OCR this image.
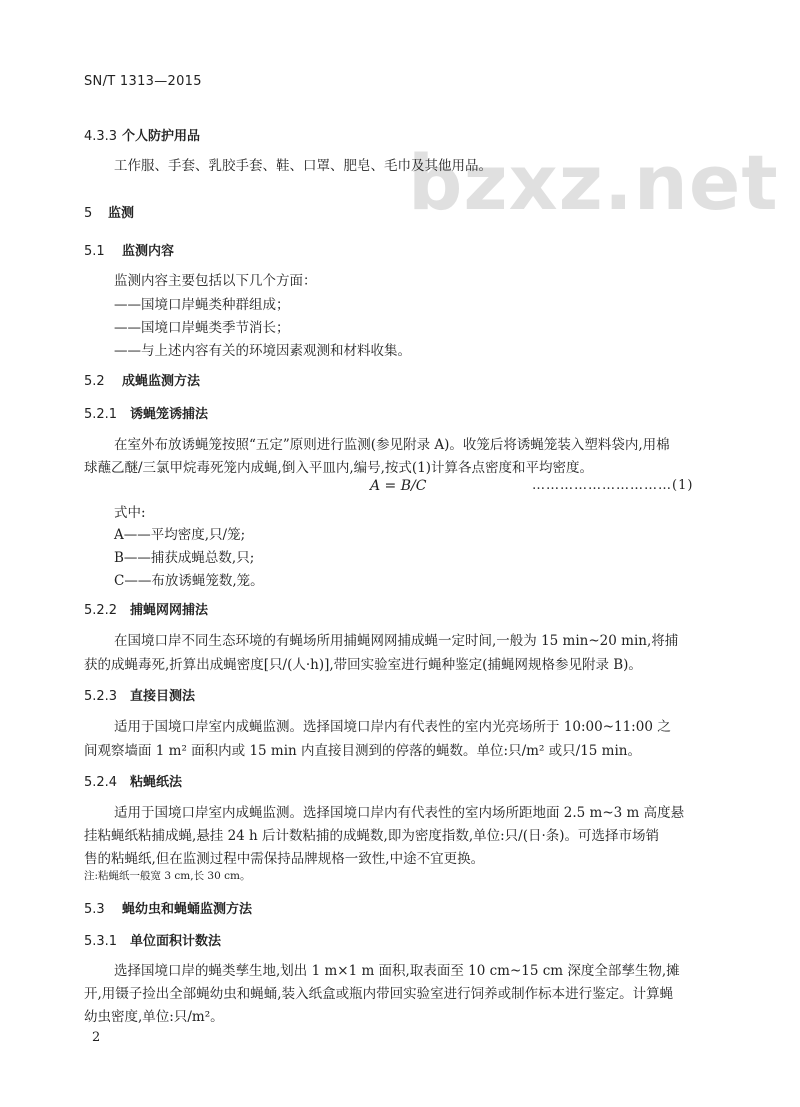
SN/T 1313—2015
bzxz.net
4.3.3 个人防护用品
工作服、手套、乳胶手套、鞋、口罩、肥皂、毛巾及其他用品。
5 监测
5.1 监测内容
监测内容主要包括以下几个方面：
——国境口岸蝇类种群组成；
——国境口岸蝇类季节消长；
——与上述内容有关的环境因素观测和材料收集。
5.2 成蝇监测方法
5.2.1 诱蝇笼诱捕法
在室外布放诱蝇笼按照“五定”原则进行监测(参见附录 A)。收笼后将诱蝇笼装入塑料袋内,用棉
球蘸乙醚/三氯甲烷毒死笼内成蝇,倒入平皿内,编号,按式(1)计算各点密度和平均密度。
A = B/C	…………………………(1)
式中:
A——平均密度,只/笼;
B——捕获成蝇总数,只;
C——布放诱蝇笼数,笼。
5.2.2 捕蝇网网捕法
在国境口岸不同生态环境的有蝇场所用捕蝇网网捕成蝇一定时间,一般为 15 min~20 min,将捕
获的成蝇毒死,折算出成蝇密度[只/(人·h)],带回实验室进行蝇种鉴定(捕蝇网规格参见附录 B)。
5.2.3 直接目测法
适用于国境口岸室内成蝇监测。选择国境口岸内有代表性的室内光亮场所于 10:00~11:00 之
间观察墙面 1 m² 面积内或 15 min 内直接目测到的停落的蝇数。单位:只/m² 或只/15 min。
5.2.4 粘蝇纸法
适用于国境口岸室内成蝇监测。选择国境口岸内有代表性的室内场所距地面 2.5 m~3 m 高度悬
挂粘蝇纸粘捕成蝇,悬挂 24 h 后计数粘捕的成蝇数,即为密度指数,单位:只/(日·条)。可选择市场销
售的粘蝇纸,但在监测过程中需保持品牌规格一致性,中途不宜更换。
注:粘蝇纸一般宽 3 cm,长 30 cm。
5.3 蝇幼虫和蝇蛹监测方法
5.3.1 单位面积计数法
选择国境口岸的蝇类孳生地,划出 1 m×1 m 面积,取表面至 10 cm~15 cm 深度全部孳生物,摊
开,用镊子捡出全部蝇幼虫和蝇蛹,装入纸盒或瓶内带回实验室进行饲养或制作标本进行鉴定。计算蝇
幼虫密度,单位:只/m²。
2
